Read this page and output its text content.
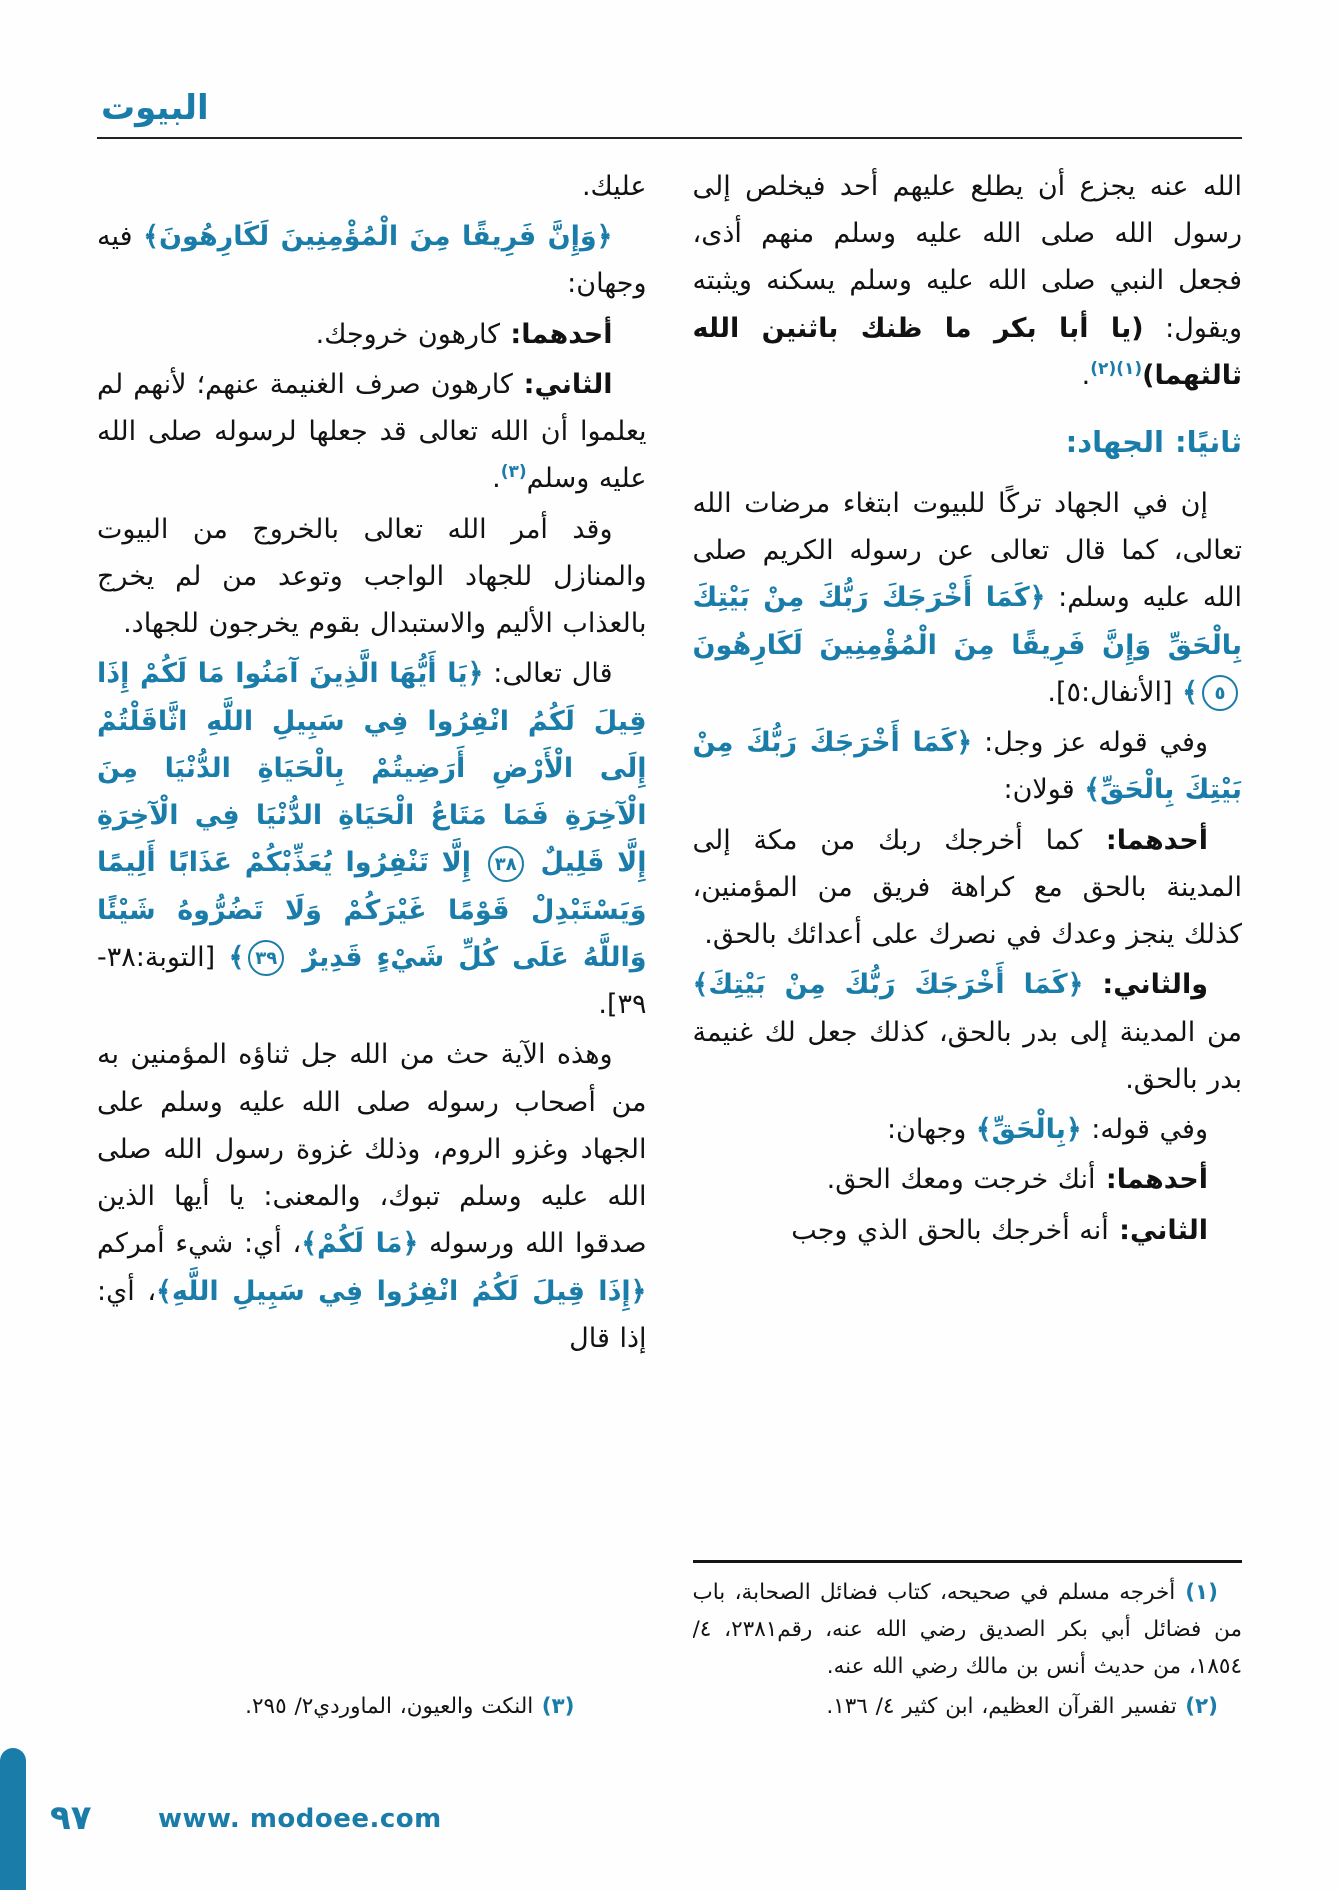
البيوت

الله عنه يجزع أن يطلع عليهم أحد فيخلص إلى رسول الله صلى الله عليه وسلم منهم أذى، فجعل النبي صلى الله عليه وسلم يسكنه ويثبته ويقول: (يا أبا بكر ما ظنك باثنين الله ثالثهما)$^{(١)(٢)}$.

ثانيًا: الجهاد:

إن في الجهاد تركًا للبيوت ابتغاء مرضات الله تعالى، كما قال تعالى عن رسوله الكريم صلى الله عليه وسلم: ﴿كَمَا أَخْرَجَكَ رَبُّكَ مِنْ بَيْتِكَ بِالْحَقِّ وَإِنَّ فَرِيقًا مِنَ الْمُؤْمِنِينَ لَكَارِهُونَ ٥﴾ [الأنفال:٥].

وفي قوله عز وجل: ﴿كَمَا أَخْرَجَكَ رَبُّكَ مِنْ بَيْتِكَ بِالْحَقِّ﴾ قولان:

أحدهما: كما أخرجك ربك من مكة إلى المدينة بالحق مع كراهة فريق من المؤمنين، كذلك ينجز وعدك في نصرك على أعدائك بالحق.

والثاني: ﴿كَمَا أَخْرَجَكَ رَبُّكَ مِنْ بَيْتِكَ﴾ من المدينة إلى بدر بالحق، كذلك جعل لك غنيمة بدر بالحق.

وفي قوله: ﴿بِالْحَقِّ﴾ وجهان:

أحدهما: أنك خرجت ومعك الحق.

الثاني: أنه أخرجك بالحق الذي وجب

(١) أخرجه مسلم في صحيحه، كتاب فضائل الصحابة، باب من فضائل أبي بكر الصديق رضي الله عنه، رقم٢٣٨١، ٤/ ١٨٥٤، من حديث أنس بن مالك رضي الله عنه.

(٢) تفسير القرآن العظيم، ابن كثير ٤/ ١٣٦.

عليك.

﴿وَإِنَّ فَرِيقًا مِنَ الْمُؤْمِنِينَ لَكَارِهُونَ﴾ فيه وجهان:

أحدهما: كارهون خروجك.

الثاني: كارهون صرف الغنيمة عنهم؛ لأنهم لم يعلموا أن الله تعالى قد جعلها لرسوله صلى الله عليه وسلم$^{(٣)}$.

وقد أمر الله تعالى بالخروج من البيوت والمنازل للجهاد الواجب وتوعد من لم يخرج بالعذاب الأليم والاستبدال بقوم يخرجون للجهاد.

قال تعالى: ﴿يَا أَيُّهَا الَّذِينَ آمَنُوا مَا لَكُمْ إِذَا قِيلَ لَكُمُ انْفِرُوا فِي سَبِيلِ اللَّهِ اثَّاقَلْتُمْ إِلَى الْأَرْضِ أَرَضِيتُمْ بِالْحَيَاةِ الدُّنْيَا مِنَ الْآخِرَةِ فَمَا مَتَاعُ الْحَيَاةِ الدُّنْيَا فِي الْآخِرَةِ إِلَّا قَلِيلٌ ٣٨ إِلَّا تَنْفِرُوا يُعَذِّبْكُمْ عَذَابًا أَلِيمًا وَيَسْتَبْدِلْ قَوْمًا غَيْرَكُمْ وَلَا تَضُرُّوهُ شَيْئًا وَاللَّهُ عَلَى كُلِّ شَيْءٍ قَدِيرٌ ٣٩﴾ [التوبة:٣٨- ٣٩].

وهذه الآية حث من الله جل ثناؤه المؤمنين به من أصحاب رسوله صلى الله عليه وسلم على الجهاد وغزو الروم، وذلك غزوة رسول الله صلى الله عليه وسلم تبوك، والمعنى: يا أيها الذين صدقوا الله ورسوله ﴿مَا لَكُمْ﴾، أي: شيء أمركم ﴿إِذَا قِيلَ لَكُمُ انْفِرُوا فِي سَبِيلِ اللَّهِ﴾، أي: إذا قال

(٣) النكت والعيون، الماوردي٢/ ٢٩٥.

٩٧	www. modoee.com
